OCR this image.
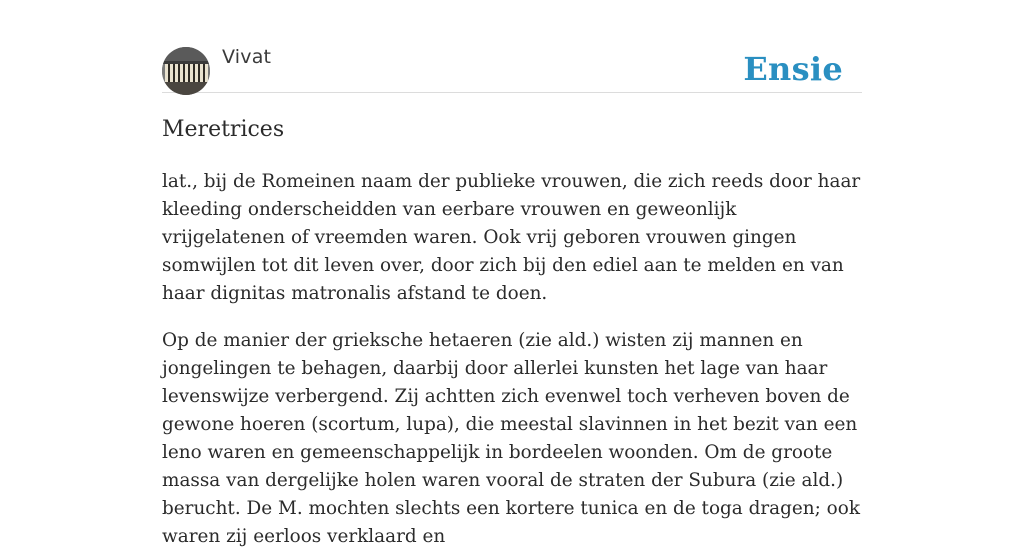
Vivat	Ensie
Meretrices

lat., bij de Romeinen naam der publieke vrouwen, die zich reeds door haar kleeding onderscheidden van eerbare vrouwen en geweonlijk vrijgelatenen of vreemden waren. Ook vrij geboren vrouwen gingen somwijlen tot dit leven over, door zich bij den ediel aan te melden en van haar dignitas matronalis afstand te doen.

Op de manier der grieksche hetaeren (zie ald.) wisten zij mannen en jongelingen te behagen, daarbij door allerlei kunsten het lage van haar levenswijze verbergend. Zij achtten zich evenwel toch verheven boven de gewone hoeren (scortum, lupa), die meestal slavinnen in het bezit van een leno waren en gemeenschappelijk in bordeelen woonden. Om de groote massa van dergelijke holen waren vooral de straten der Subura (zie ald.) berucht. De M. mochten slechts een kortere tunica en de toga dragen; ook waren zij eerloos verklaard en
